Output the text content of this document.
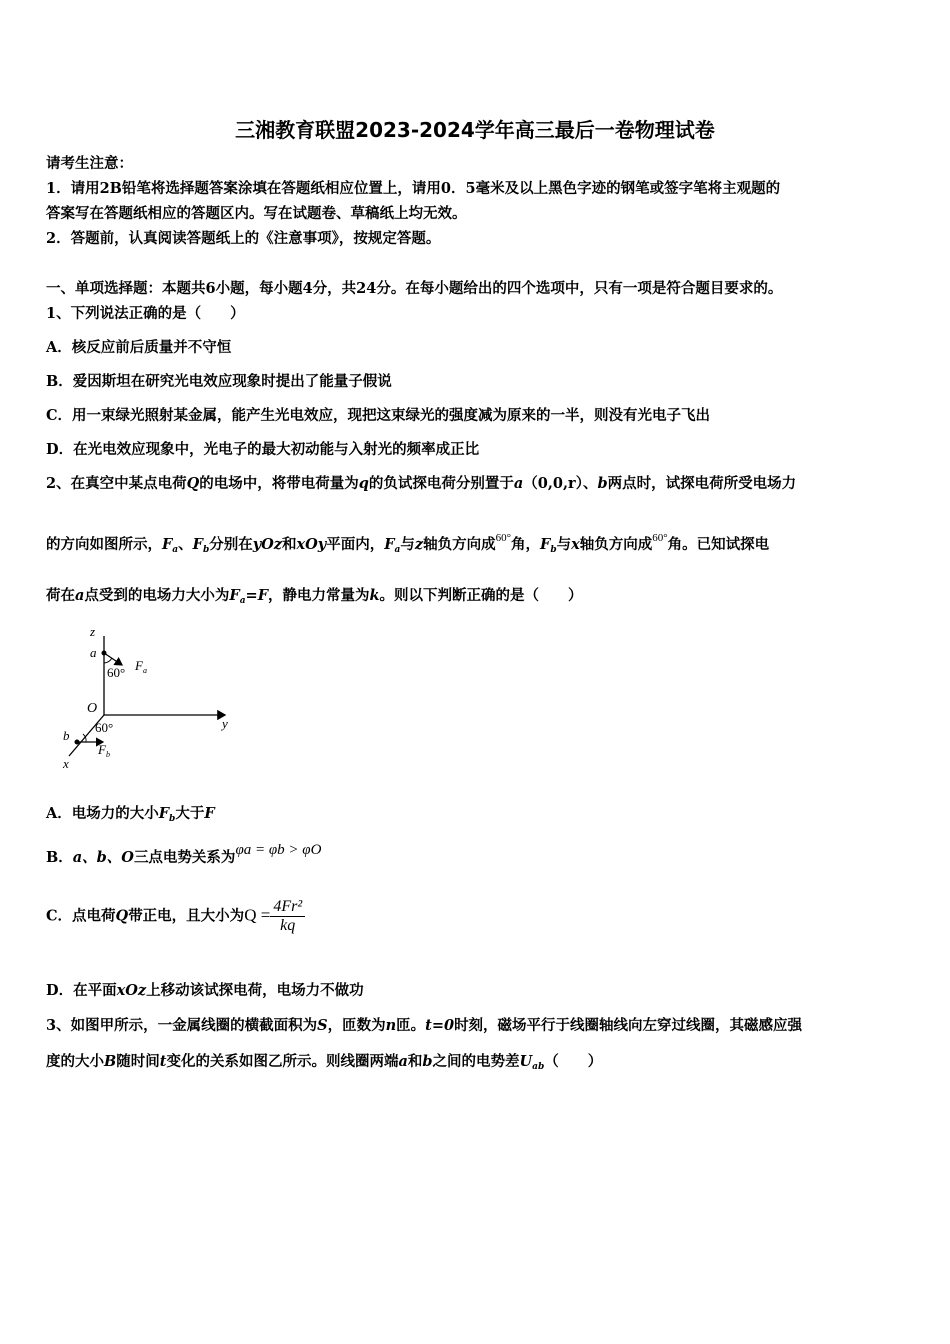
三湘教育联盟2023-2024学年高三最后一卷物理试卷
请考生注意：
1．请用2B铅笔将选择题答案涂填在答题纸相应位置上，请用0．5毫米及以上黑色字迹的钢笔或签字笔将主观题的
答案写在答题纸相应的答题区内。写在试题卷、草稿纸上均无效。
2．答题前，认真阅读答题纸上的《注意事项》，按规定答题。
一、单项选择题：本题共6小题，每小题4分，共24分。在每小题给出的四个选项中，只有一项是符合题目要求的。
1、下列说法正确的是（　　）
A．核反应前后质量并不守恒
B．爱因斯坦在研究光电效应现象时提出了能量子假说
C．用一束绿光照射某金属，能产生光电效应，现把这束绿光的强度减为原来的一半，则没有光电子飞出
D．在光电效应现象中，光电子的最大初动能与入射光的频率成正比
2、在真空中某点电荷Q的电场中，将带电荷量为q的负试探电荷分别置于a（0,0,r）、b两点时，试探电荷所受电场力
的方向如图所示，$F_a$、$F_b$分别在yOz和xOy平面内，$F_a$与z轴负方向成$^{60^\circ}$角，$F_b$与x轴负方向成$^{60^\circ}$角。已知试探电
荷在a点受到的电场力大小为$F_a=F$，静电力常量为k。则以下判断正确的是（　　）
z
a
60° $F_a$
O
y
60°
b
$F_b$
x
A．电场力的大小$F_b$大于F
B．a、b、O三点电势关系为φa = φb > φO
C．点电荷Q带正电，且大小为$Q = \frac{\text{4Fr²}}{kq}$
D．在平面xOz上移动该试探电荷，电场力不做功
3、如图甲所示，一金属线圈的横截面积为S，匝数为n匝。t=0时刻，磁场平行于线圈轴线向左穿过线圈，其磁感应强
度的大小B随时间t变化的关系如图乙所示。则线圈两端a和b之间的电势差$U_{ab}$（　　）
